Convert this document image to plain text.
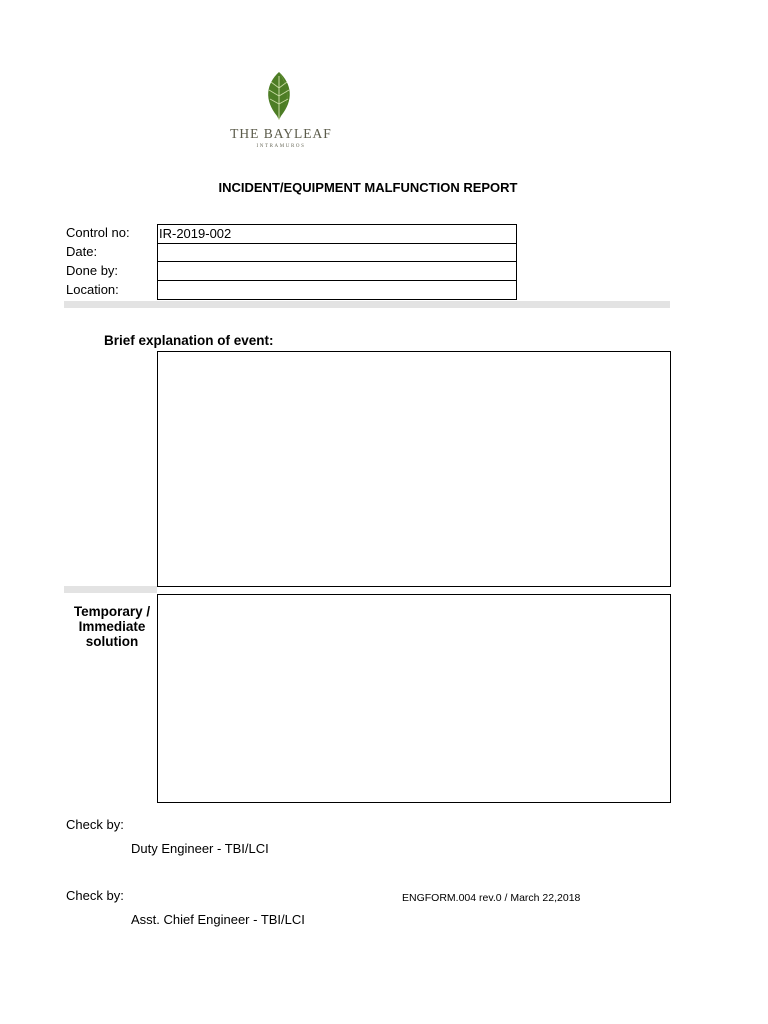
THE BAYLEAF
INTRAMUROS
INCIDENT/EQUIPMENT MALFUNCTION REPORT
Control no:
Date:
Done by:
Location:
IR-2019-002
Brief explanation of event:
Temporary /
Immediate
solution
Check by:
Duty Engineer - TBI/LCI
Check by:	ENGFORM.004 rev.0 / March 22,2018
Asst. Chief Engineer - TBI/LCI
